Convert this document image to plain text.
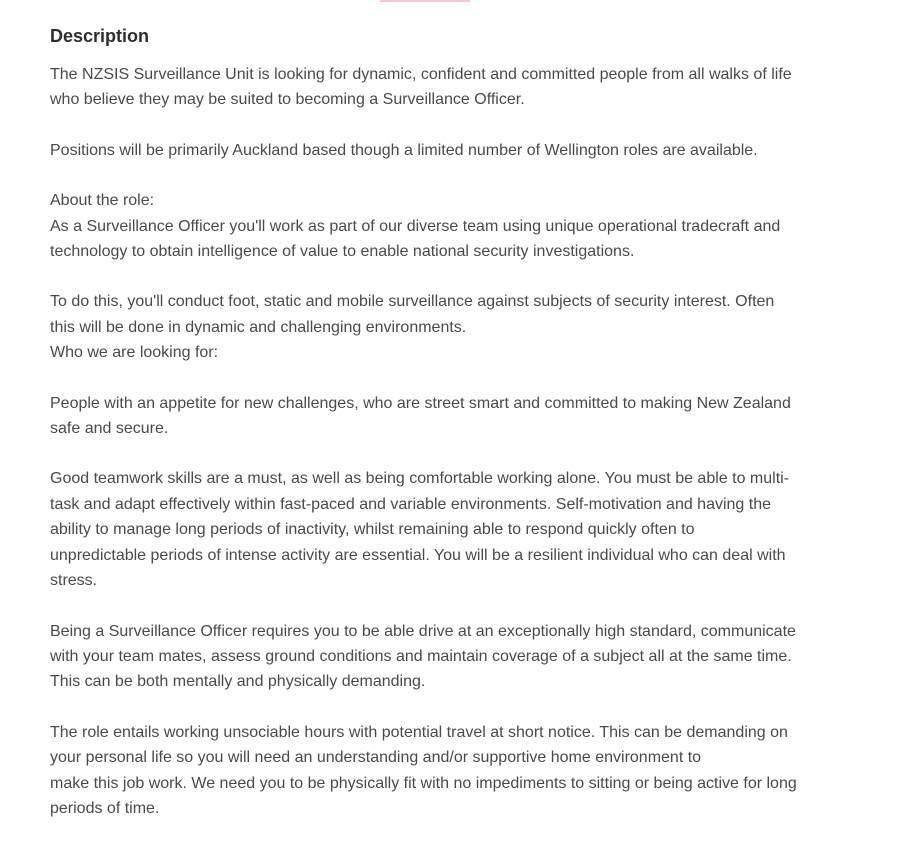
Description

The NZSIS Surveillance Unit is looking for dynamic, confident and committed people from all walks of life
who believe they may be suited to becoming a Surveillance Officer.

Positions will be primarily Auckland based though a limited number of Wellington roles are available.

About the role:
As a Surveillance Officer you'll work as part of our diverse team using unique operational tradecraft and
technology to obtain intelligence of value to enable national security investigations.

To do this, you'll conduct foot, static and mobile surveillance against subjects of security interest. Often
this will be done in dynamic and challenging environments.

Who we are looking for:

People with an appetite for new challenges, who are street smart and committed to making New Zealand
safe and secure.

Good teamwork skills are a must, as well as being comfortable working alone. You must be able to multi-
task and adapt effectively within fast-paced and variable environments. Self-motivation and having the
ability to manage long periods of inactivity, whilst remaining able to respond quickly often to
unpredictable periods of intense activity are essential. You will be a resilient individual who can deal with
stress.

Being a Surveillance Officer requires you to be able drive at an exceptionally high standard, communicate
with your team mates, assess ground conditions and maintain coverage of a subject all at the same time.
This can be both mentally and physically demanding.

The role entails working unsociable hours with potential travel at short notice. This can be demanding on
your personal life so you will need an understanding and/or supportive home environment to
make this job work. We need you to be physically fit with no impediments to sitting or being active for long
periods of time.
